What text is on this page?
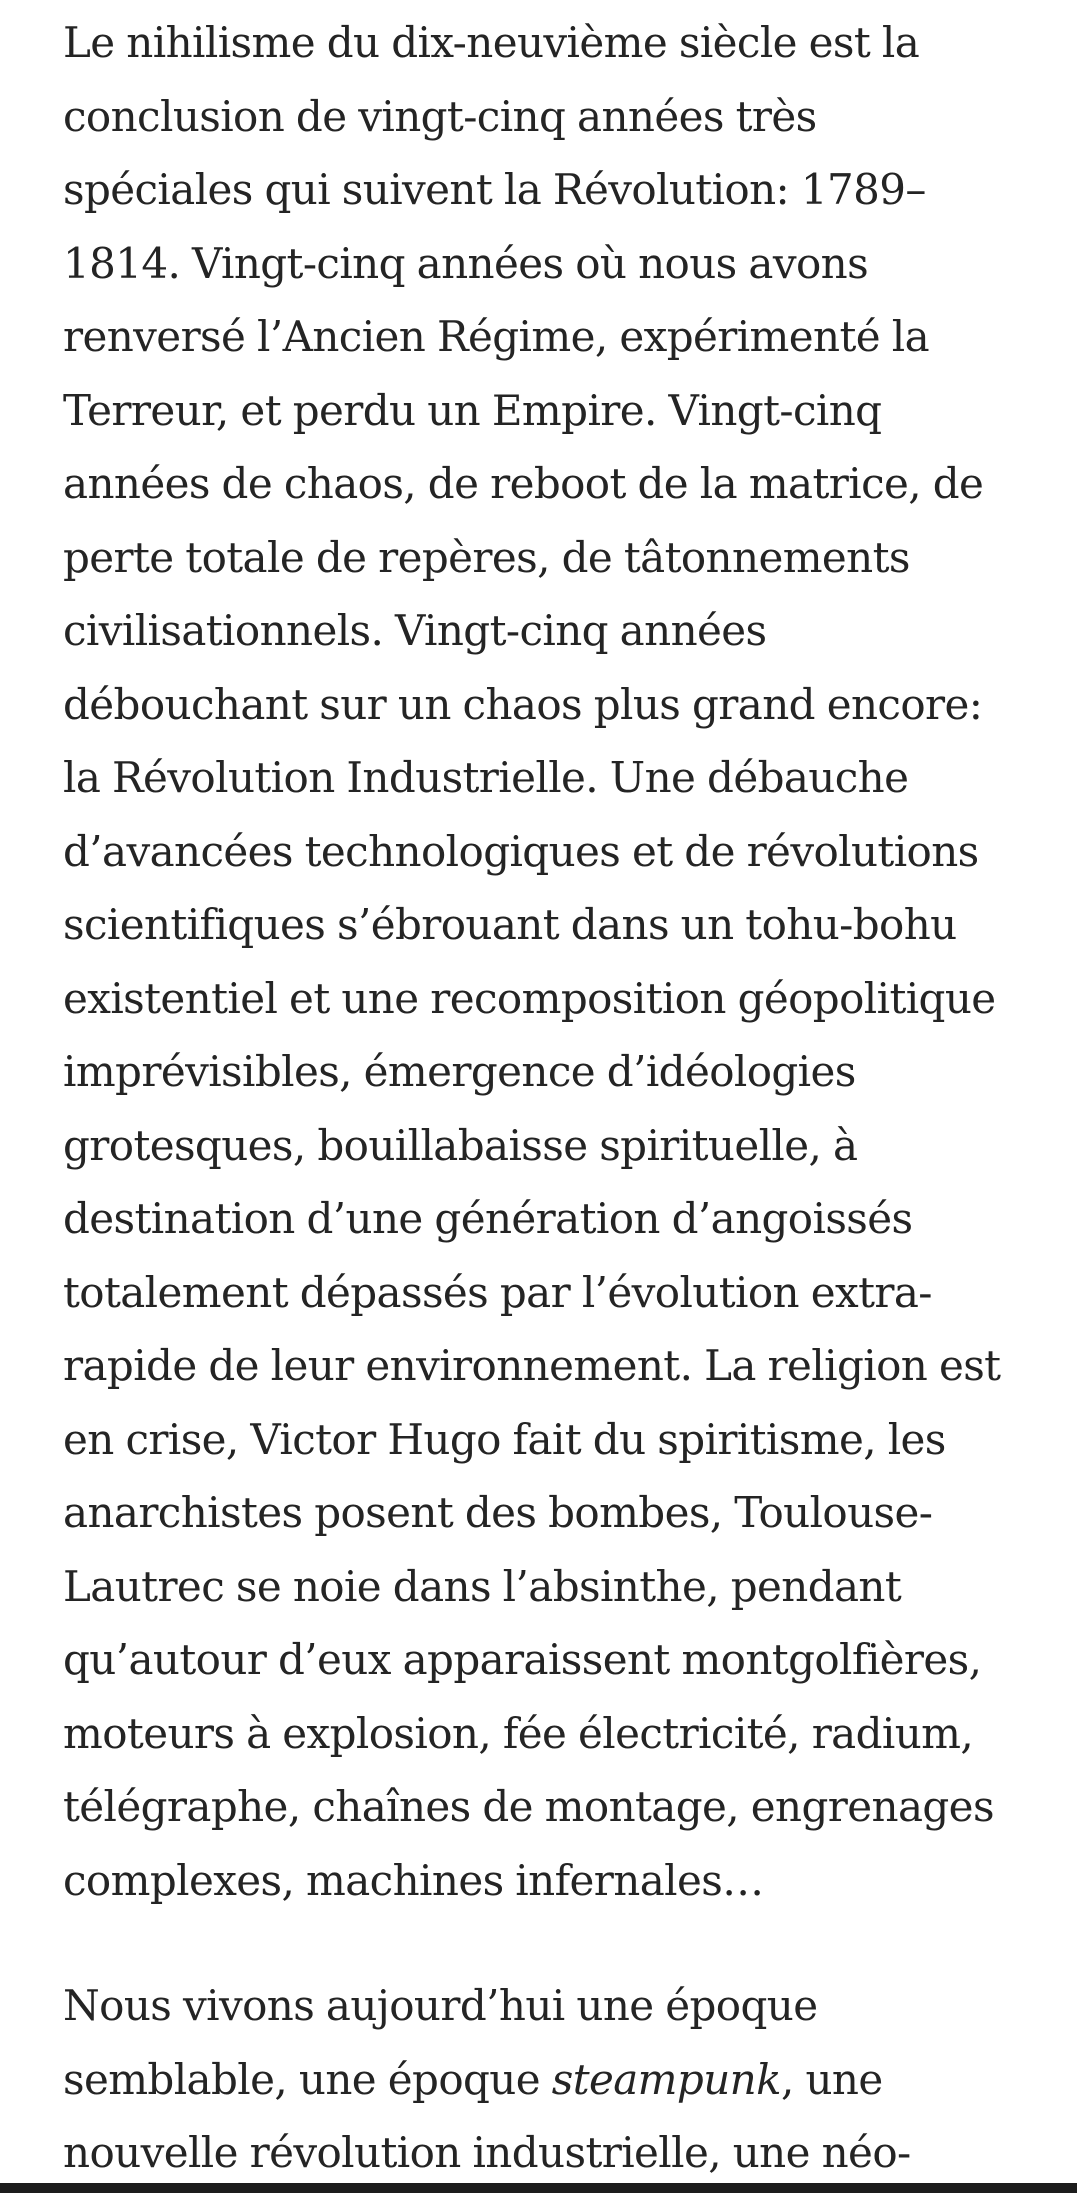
Le nihilisme du dix-neuvième siècle est la
conclusion de vingt-cinq années très
spéciales qui suivent la Révolution: 1789–
1814. Vingt-cinq années où nous avons
renversé l’Ancien Régime, expérimenté la
Terreur, et perdu un Empire. Vingt-cinq
années de chaos, de reboot de la matrice, de
perte totale de repères, de tâtonnements
civilisationnels. Vingt-cinq années
débouchant sur un chaos plus grand encore:
la Révolution Industrielle. Une débauche
d’avancées technologiques et de révolutions
scientifiques s’ébrouant dans un tohu-bohu
existentiel et une recomposition géopolitique
imprévisibles, émergence d’idéologies
grotesques, bouillabaisse spirituelle, à
destination d’une génération d’angoissés
totalement dépassés par l’évolution extra-
rapide de leur environnement. La religion est
en crise, Victor Hugo fait du spiritisme, les
anarchistes posent des bombes, Toulouse-
Lautrec se noie dans l’absinthe, pendant
qu’autour d’eux apparaissent montgolfières,
moteurs à explosion, fée électricité, radium,
télégraphe, chaînes de montage, engrenages
complexes, machines infernales…

Nous vivons aujourd’hui une époque
semblable, une époque steampunk, une
nouvelle révolution industrielle, une néo-
